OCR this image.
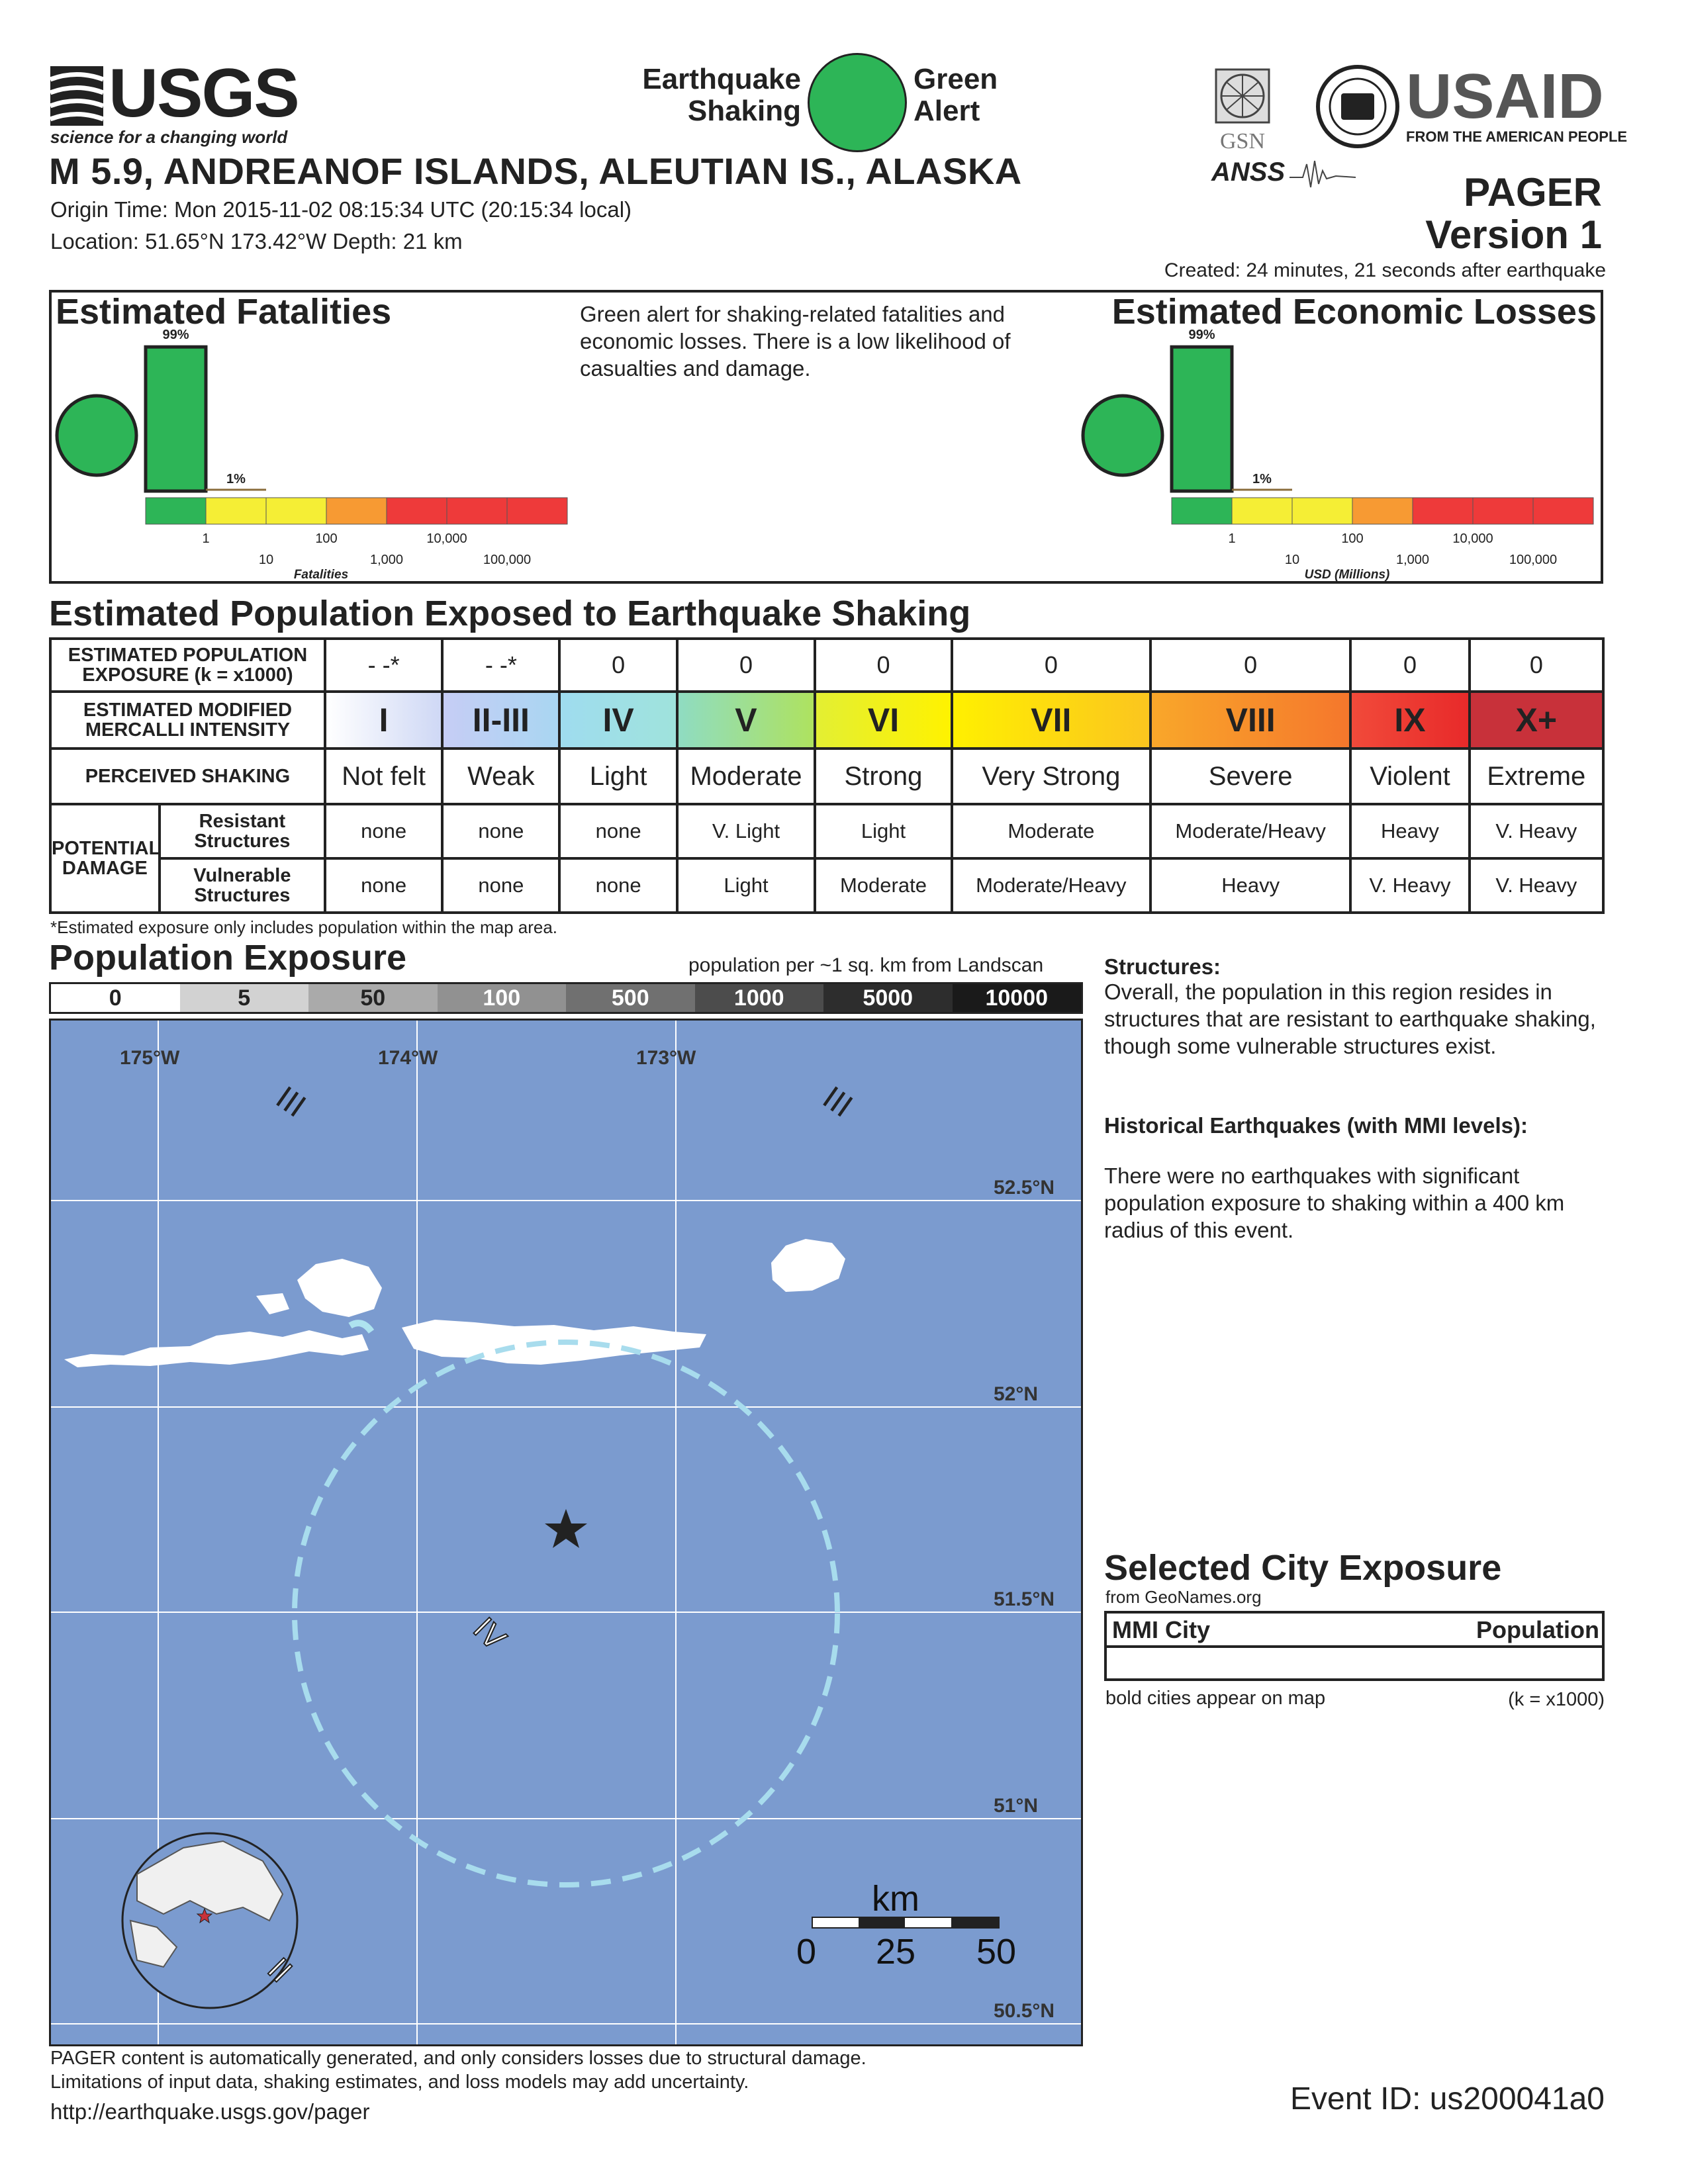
USGS
science for a changing world
Earthquake
Shaking
Green
Alert
GSN
ANSS
USAID
FROM THE AMERICAN PEOPLE
M 5.9, ANDREANOF ISLANDS, ALEUTIAN IS., ALASKA
Origin Time: Mon 2015-11-02 08:15:34 UTC (20:15:34 local)
Location: 51.65°N 173.42°W Depth: 21 km
PAGER
Version 1
Created: 24 minutes, 21 seconds after earthquake
Estimated Fatalities	Green alert for shaking-related fatalities and economic losses. There is a low likelihood of casualties and damage.
Estimated Economic Losses
99%
1%
1	100	10,000
10	1,000	100,000
Fatalities
99%
1%
1	100	10,000
10	1,000	100,000
USD (Millions)
Estimated Population Exposed to Earthquake Shaking
ESTIMATED POPULATION EXPOSURE (k = x1000)		- -*	- -*	0	0	0	0	0	0	0
ESTIMATED MODIFIED MERCALLI INTENSITY		I	II-III	IV	V	VI	VII	VIII	IX	X+
PERCEIVED SHAKING		Not felt	Weak	Light	Moderate	Strong	Very Strong	Severe	Violent	Extreme
POTENTIAL DAMAGE	Resistant Structures	none	none	none	V. Light	Light	Moderate	Moderate/Heavy	Heavy	V. Heavy
	Vulnerable Structures	none	none	none	Light	Moderate	Moderate/Heavy	Heavy	V. Heavy	V. Heavy
*Estimated exposure only includes population within the map area.
Population Exposure	population per ~1 sq. km from Landscan
0	5	50	100	500	1000	5000	10000
175°W	174°W	173°W
52.5°N
52°N
51.5°N
51°N
50.5°N
III	III
IV
II
km
0 25 50
Structures:
Overall, the population in this region resides in structures that are resistant to earthquake shaking, though some vulnerable structures exist.
Historical Earthquakes (with MMI levels):
There were no earthquakes with significant population exposure to shaking within a 400 km radius of this event.
Selected City Exposure
from GeoNames.org
MMI City	Population
bold cities appear on map	(k = x1000)
PAGER content is automatically generated, and only considers losses due to structural damage.
Limitations of input data, shaking estimates, and loss models may add uncertainty.
http://earthquake.usgs.gov/pager	Event ID: us200041a0
